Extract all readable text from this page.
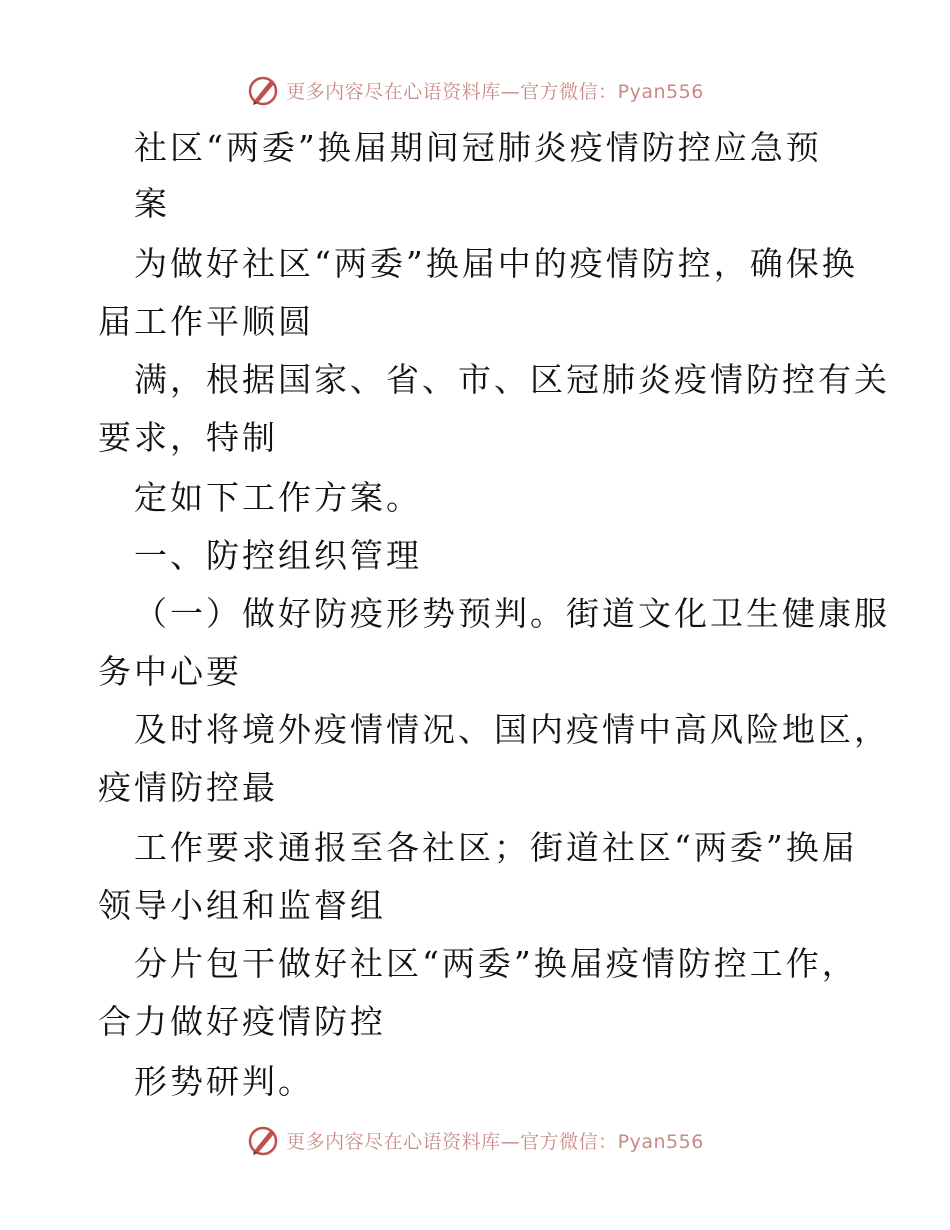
更多内容尽在心语资料库—官方微信：Pyan556
社区“两委”换届期间冠肺炎疫情防控应急预
案
为做好社区“两委”换届中的疫情防控，确保换
届工作平顺圆
满，根据国家、省、市、区冠肺炎疫情防控有关
要求，特制
定如下工作方案。
一、防控组织管理
（一）做好防疫形势预判。街道文化卫生健康服
务中心要
及时将境外疫情情况、国内疫情中高风险地区，
疫情防控最
工作要求通报至各社区；街道社区“两委”换届
领导小组和监督组
分片包干做好社区“两委”换届疫情防控工作，
合力做好疫情防控
形势研判。
更多内容尽在心语资料库—官方微信：Pyan556
